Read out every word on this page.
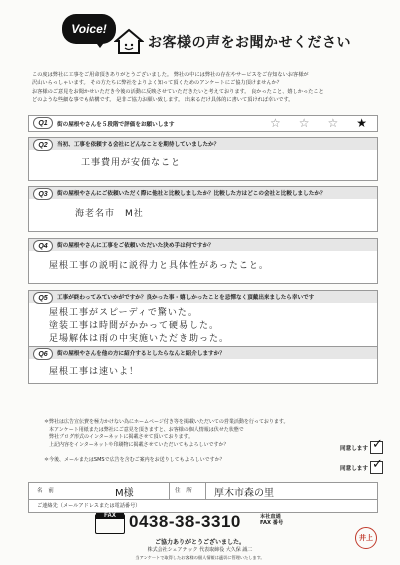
Voice!
お客様の声をお聞かせください
この度は弊社に工事をご用命頂きありがとうございました。 弊社の中には弊社の存在やサービスをご存知ないお客様が
沢山いらっしゃいます。 その方たちに弊社をよりよく知って頂くためのアンケートにご協力頂けませんか？
お客様のご意見をお聞かせいただき今後の活動に反映させていただきたいと考えております。 良かったこと、嬉しかったこと
どのような些細な事でも結構です。 是非ご協力お願い致します。 出来るだけ具体的に書いて頂ければ幸いです。
Q1	街の屋根やさんを５段階で評価をお願いします	☆ ☆ ☆ ★
Q2	当初、工事を依頼する会社にどんなことを期待していましたか？
工事費用が安価なこと
Q3	街の屋根やさんにご依頼いただく際に他社と比較しましたか？比較した方はどこの会社と比較しましたか？
海老名市　M社
Q4	街の屋根やさんに工事をご依頼いただいた決め手は何ですか？
屋根工事の説明に説得力と具体性があったこと。
Q5	工事が終わってみていかがですか？良かった事・嬉しかったことを忌憚なく頂戴出来ましたら幸いです
屋根工事がスピーディで驚いた。
塗装工事は時間がかかって硬易した。
足場解体は雨の中実施いただき助った。
Q6	街の屋根やさんを他の方に紹介するとしたらなんと紹介しますか？
屋根工事は速いよ！
＊弊社は広告宣伝費を極力かけない為にホームページ付き等を掲載いただいての営業活動を行っております。
　本アンケート用紙または弊社にご意見を頂きますと、お客様の個人情報は伏せた状態で
　弊社ブログ形式のインターネットに掲載させて頂いております。
　上記内容をインターネットや印刷物に掲載させていただいてもよろしいですか？
＊今後、メールまたはSMSで広告を含むご案内をお送りしてもよろしいですか？
同意します ✓
同意します ✓
名　前	M様	住　所 厚木市森の里
ご連絡先（メールアドレスまたは電話番号）
FAX 0438-38-3310	本社直通
FAX 番号
ご協力ありがとうございました。
株式会社シェアテック 代表取締役 大久保 誠二
当アンケートで取得したお客様の個人情報は適切に管理いたします。
井上
